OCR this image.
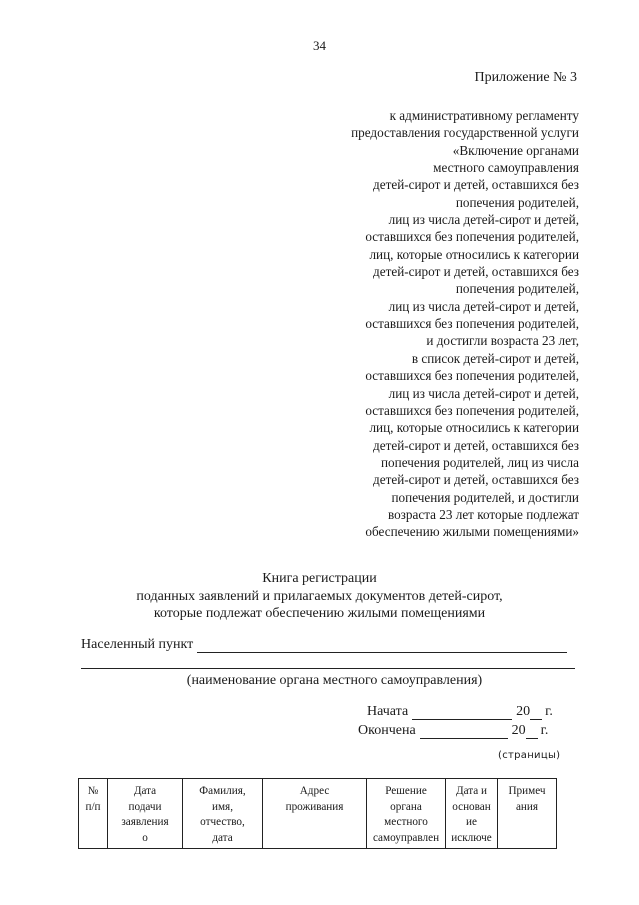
34
Приложение № 3
к административному регламенту
предоставления государственной услуги
«Включение органами
местного самоуправления
детей-сирот и детей, оставшихся без
попечения родителей,
лиц из числа детей-сирот и детей,
оставшихся без попечения родителей,
лиц, которые относились к категории
детей-сирот и детей, оставшихся без
попечения родителей,
лиц из числа детей-сирот и детей,
оставшихся без попечения родителей,
и достигли возраста 23 лет,
в список детей-сирот и детей,
оставшихся без попечения родителей,
лиц из числа детей-сирот и детей,
оставшихся без попечения родителей,
лиц, которые относились к категории
детей-сирот и детей, оставшихся без
попечения родителей, лиц из числа
детей-сирот и детей, оставшихся без
попечения родителей, и достигли
возраста 23 лет которые подлежат
обеспечению жилыми помещениями»
Книга регистрации
поданных заявлений и прилагаемых документов детей-сирот,
которые подлежат обеспечению жилыми помещениями
Населенный пункт
(наименование органа местного самоуправления)
Начата	20 г.
Окончена	20 г.
(страницы)
№
п/п

Дата
подачи
заявления
о

Фамилия,
имя,
отчество,
дата

Адрес
проживания

Решение
органа
местного
самоуправлен

Дата и
основан
ие
исключе

Примеч
ания
